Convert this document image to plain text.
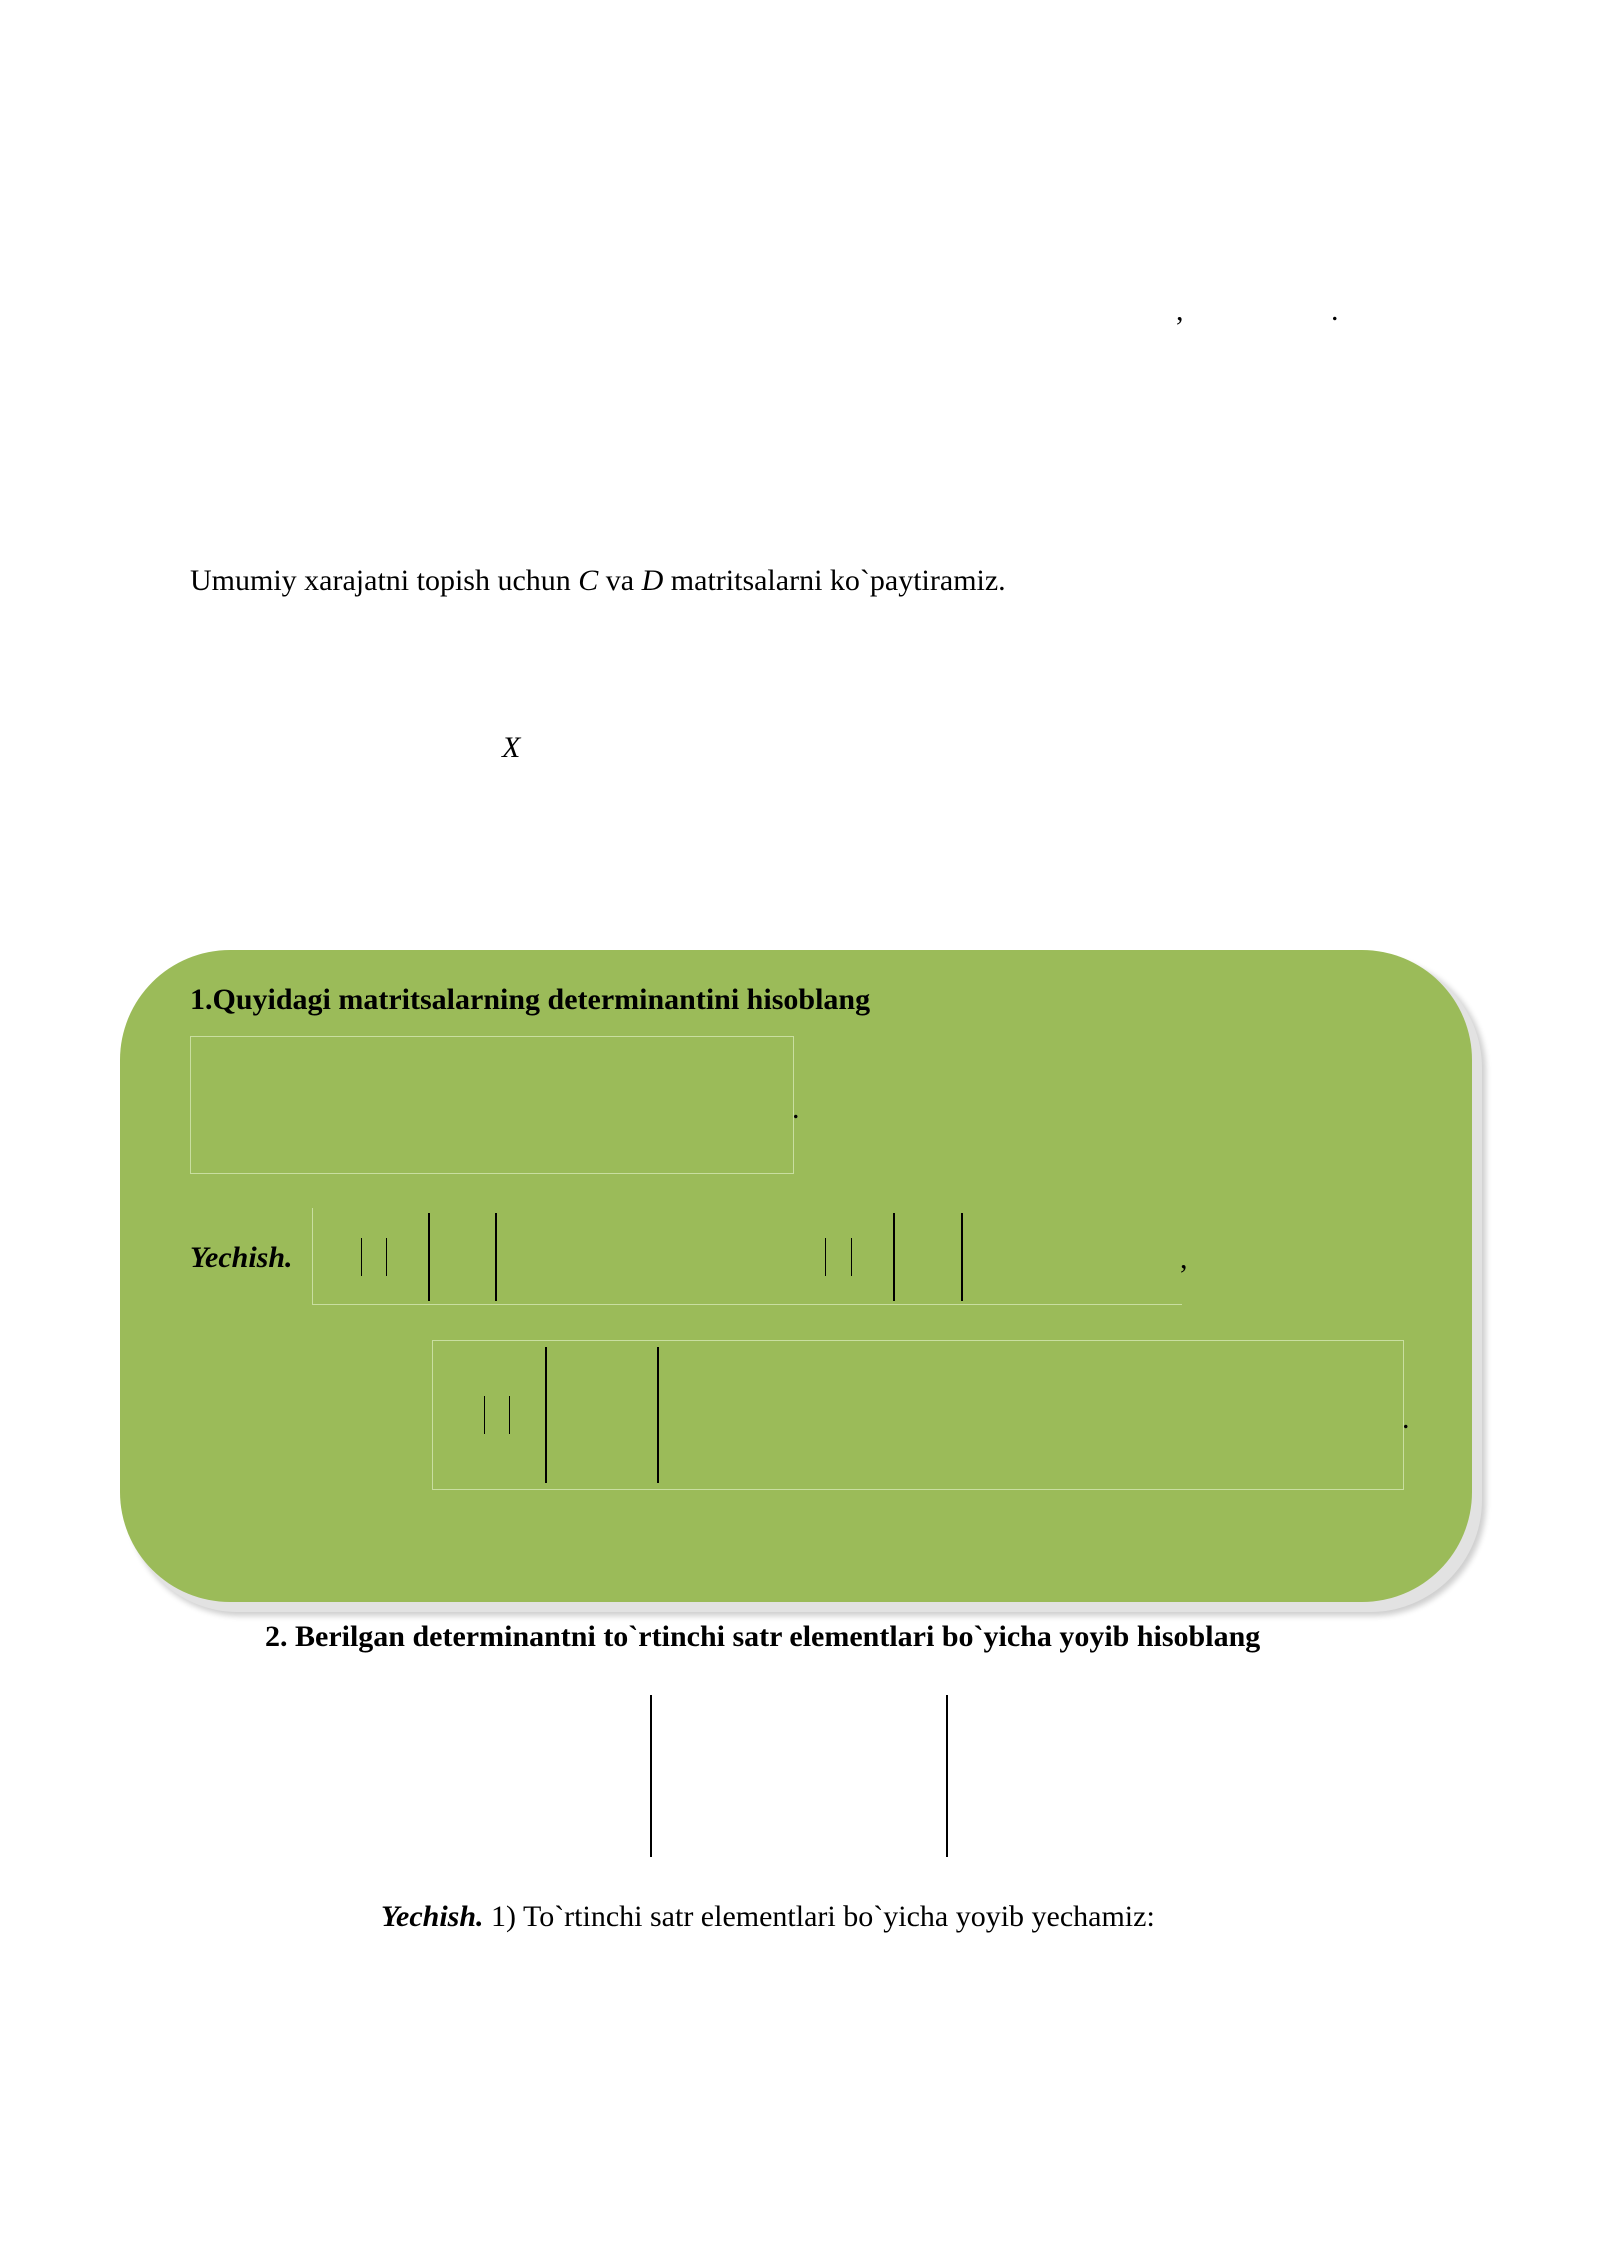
,	.

Umumiy xarajatni topish uchun C va D matritsalarni ko`paytiramiz.

X
1.Quyidagi matritsalarning determinantini hisoblang
.
Yechish.	,
.
2. Berilgan determinantni to`rtinchi satr elementlari bo`yicha yoyib hisoblang

Yechish. 1) To`rtinchi satr elementlari bo`yicha yoyib yechamiz:
